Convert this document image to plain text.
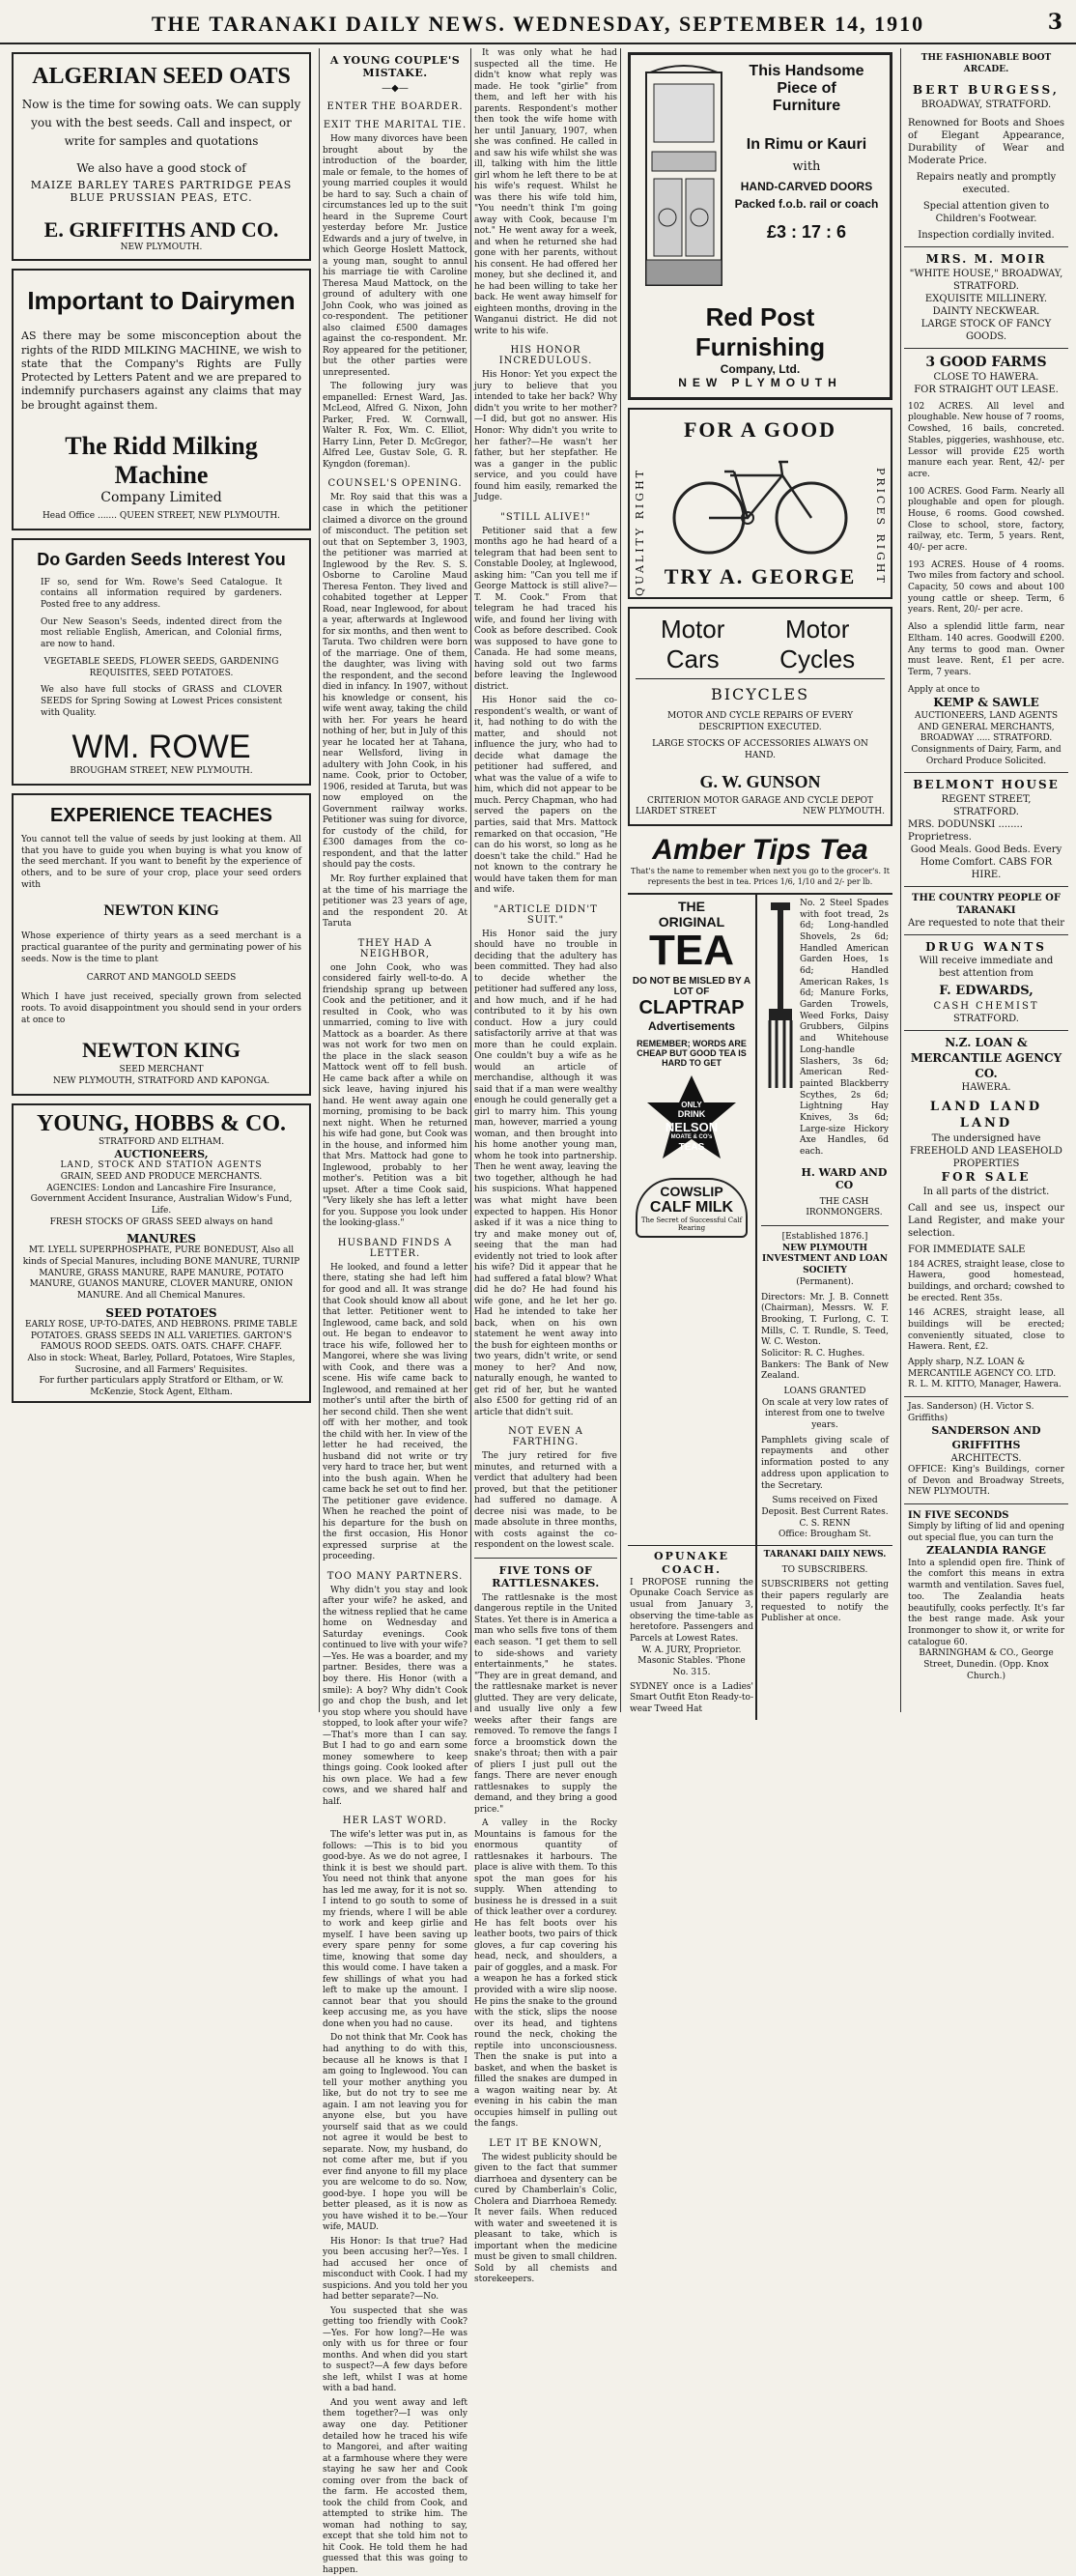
THE TARANAKI DAILY NEWS. WEDNESDAY, SEPTEMBER 14, 1910	3
ALGERIAN SEED OATS
Now is the time for sowing oats. We can supply you with the best seeds. Call and inspect, or write for samples and quotations
We also have a good stock of
MAIZE BARLEY TARES PARTRIDGE PEAS BLUE PRUSSIAN PEAS, ETC.
E. GRIFFITHS AND CO.
NEW PLYMOUTH.
Important to Dairymen
AS there may be some misconception about the rights of the RIDD MILKING MACHINE, we wish to state that the Company's Rights are Fully Protected by Letters Patent and we are prepared to indemnify purchasers against any claims that may be brought against them.
The Ridd Milking Machine
Company Limited
Head Office ....... QUEEN STREET, NEW PLYMOUTH.
Do Garden Seeds Interest You
IF so, send for Wm. Rowe's Seed Catalogue. It contains all information required by gardeners. Posted free to any address.
Our New Season's Seeds, indented direct from the most reliable English, American, and Colonial firms, are now to hand.
VEGETABLE SEEDS, FLOWER SEEDS, GARDENING REQUISITES, SEED POTATOES.
We also have full stocks of GRASS and CLOVER SEEDS for Spring Sowing at Lowest Prices consistent with Quality.
WM. ROWE
BROUGHAM STREET, NEW PLYMOUTH.
EXPERIENCE TEACHES
You cannot tell the value of seeds by just looking at them. All that you have to guide you when buying is what you know of the seed merchant. If you want to benefit by the experience of others, and to be sure of your crop, place your seed orders with
NEWTON KING
Whose experience of thirty years as a seed merchant is a practical guarantee of the purity and germinating power of his seeds. Now is the time to plant
CARROT AND MANGOLD SEEDS
Which I have just received, specially grown from selected roots. To avoid disappointment you should send in your orders at once to
NEWTON KING
SEED MERCHANT
NEW PLYMOUTH, STRATFORD AND KAPONGA.
YOUNG, HOBBS & CO.
STRATFORD AND ELTHAM.
AUCTIONEERS,
LAND, STOCK AND STATION AGENTS
GRAIN, SEED AND PRODUCE MERCHANTS.
AGENCIES: London and Lancashire Fire Insurance, Government Accident Insurance, Australian Widow's Fund, Life.
FRESH STOCKS OF GRASS SEED always on hand
MANURES
MT. LYELL SUPERPHOSPHATE, PURE BONEDUST, Also all kinds of Special Manures, including BONE MANURE, TURNIP MANURE, GRASS MANURE, RAPE MANURE, POTATO MANURE, GUANOS MANURE, CLOVER MANURE, ONION MANURE. And all Chemical Manures.
SEED POTATOES
EARLY ROSE, UP-TO-DATES, AND HEBRONS. PRIME TABLE POTATOES. GRASS SEEDS IN ALL VARIETIES. GARTON'S FAMOUS ROOD SEEDS. OATS. OATS. CHAFF. CHAFF.
Also in stock: Wheat, Barley, Pollard, Potatoes, Wire Staples, Sucrosine, and all Farmers' Requisites.
For further particulars apply Stratford or Eltham, or W. McKenzie, Stock Agent, Eltham.
A YOUNG COUPLE'S MISTAKE.
—◆—
ENTER THE BOARDER.
EXIT THE MARITAL TIE.

How many divorces have been brought about by the introduction of the boarder, male or female, to the homes of young married couples it would be hard to say. Such a chain of circumstances led up to the suit heard in the Supreme Court yesterday before Mr. Justice Edwards and a jury of twelve, in which George Hoslett Mattock, a young man, sought to annul his marriage tie with Caroline Theresa Maud Mattock, on the ground of adultery with one John Cook, who was joined as co-respondent. The petitioner also claimed £500 damages against the co-respondent. Mr. Roy appeared for the petitioner, but the other parties were unrepresented.

The following jury was empanelled: Ernest Ward, Jas. McLeod, Alfred G. Nixon, John Parker, Fred. W. Cornwall, Walter R. Fox, Wm. C. Elliot, Harry Linn, Peter D. McGregor, Alfred Lee, Gustav Sole, G. R. Kyngdon (foreman).

COUNSEL'S OPENING.

Mr. Roy said that this was a case in which the petitioner claimed a divorce on the ground of misconduct. The petition set out that on September 3, 1903, the petitioner was married at Inglewood by the Rev. S. S. Osborne to Caroline Maud Theresa Fenton. They lived and cohabited together at Lepper Road, near Inglewood, for about a year, afterwards at Inglewood for six months, and then went to Taruta. Two children were born of the marriage. One of them, the daughter, was living with the respondent, and the second died in infancy. In 1907, without his knowledge or consent, his wife went away, taking the child with her. For years he heard nothing of her, but in July of this year he located her at Tahana, near Wellsford, living in adultery with John Cook, in his name. Cook, prior to October, 1906, resided at Taruta, but was now employed on the Government railway works. Petitioner was suing for divorce, for custody of the child, for £300 damages from the co-respondent, and that the latter should pay the costs.

Mr. Roy further explained that at the time of his marriage the petitioner was 23 years of age, and the respondent 20. At Taruta

THEY HAD A NEIGHBOR,

one John Cook, who was considered fairly well-to-do. A friendship sprang up between Cook and the petitioner, and it resulted in Cook, who was unmarried, coming to live with Mattock as a boarder. As there was not work for two men on the place in the slack season Mattock went off to fell bush. He came back after a while on sick leave, having injured his hand. He went away again one morning, promising to be back next night. When he returned his wife had gone, but Cook was in the house, and informed him that Mrs. Mattock had gone to Inglewood, probably to her mother's. Petition was a bit upset. After a time Cook said, "Very likely she has left a letter for you. Suppose you look under the looking-glass."

HUSBAND FINDS A LETTER.

He looked, and found a letter there, stating she had left him for good and all. It was strange that Cook should know all about that letter. Petitioner went to Inglewood, came back, and sold out. He began to endeavor to trace his wife, followed her to Mangorei, where she was living with Cook, and there was a scene. His wife came back to Inglewood, and remained at her mother's until after the birth of her second child. Then she went off with her mother, and took the child with her. In view of the letter he had received, the husband did not write or try very hard to trace her, but went into the bush again. When he came back he set out to find her. The petitioner gave evidence. When he reached the point of his departure for the bush on the first occasion, His Honor expressed surprise at the proceeding.

TOO MANY PARTNERS.

Why didn't you stay and look after your wife? he asked, and the witness replied that he came home on Wednesday and Saturday evenings. Cook continued to live with your wife? —Yes. He was a boarder, and my partner. Besides, there was a boy there. His Honor (with a smile): A boy? Why didn't Cook go and chop the bush, and let you stop where you should have stopped, to look after your wife? —That's more than I can say. But I had to go and earn some money somewhere to keep things going. Cook looked after his own place. We had a few cows, and we shared half and half.

HER LAST WORD.

The wife's letter was put in, as follows: —This is to bid you good-bye. As we do not agree, I think it is best we should part. You need not think that anyone has led me away, for it is not so. I intend to go south to some of my friends, where I will be able to work and keep girlie and myself. I have been saving up every spare penny for some time, knowing that some day this would come. I have taken a few shillings of what you had left to make up the amount. I cannot bear that you should keep accusing me, as you have done when you had no cause.

Do not think that Mr. Cook has had anything to do with this, because all he knows is that I am going to Inglewood. You can tell your mother anything you like, but do not try to see me again. I am not leaving you for anyone else, but you have yourself said that as we could not agree it would be best to separate. Now, my husband, do not come after me, but if you ever find anyone to fill my place you are welcome to do so. Now, good-bye. I hope you will be better pleased, as it is now as you have wished it to be.—Your wife, MAUD.

His Honor: Is that true? Had you been accusing her?—Yes. I had accused her once of misconduct with Cook. I had my suspicions. And you told her you had better separate?—No.

You suspected that she was getting too friendly with Cook?—Yes. For how long?—He was only with us for three or four months. And when did you start to suspect?—A few days before she left, whilst I was at home with a bad hand.

And you went away and left them together?—I was only away one day. Petitioner detailed how he traced his wife to Mangorei, and after waiting at a farmhouse where they were staying he saw her and Cook coming over from the back of the farm. He accosted them, took the child from Cook, and attempted to strike him. The woman had nothing to say, except that she told him not to hit Cook. He told them he had guessed that this was going to happen.

It was only what he had suspected all the time. He didn't know what reply was made. He took "girlie" from them, and left her with his parents. Respondent's mother then took the wife home with her until January, 1907, when she was confined. He called in and saw his wife whilst she was ill, talking with him the little girl whom he left there to be at his wife's request. Whilst he was there his wife told him, "You needn't think I'm going away with Cook, because I'm not." He went away for a week, and when he returned she had gone with her parents, without his consent. He had offered her money, but she declined it, and he had been willing to take her back. He went away himself for eighteen months, droving in the Wanganui district. He did not write to his wife.

HIS HONOR INCREDULOUS.

His Honor: Yet you expect the jury to believe that you intended to take her back? Why didn't you write to her mother?—I did, but got no answer. His Honor: Why didn't you write to her father?—He wasn't her father, but her stepfather. He was a ganger in the public service, and you could have found him easily, remarked the Judge.

"STILL ALIVE!"

Petitioner said that a few months ago he had heard of a telegram that had been sent to Constable Dooley, at Inglewood, asking him: "Can you tell me if George Mattock is still alive?—T. M. Cook." From that telegram he had traced his wife, and found her living with Cook as before described. Cook was supposed to have gone to Canada. He had some means, having sold out two farms before leaving the Inglewood district.

His Honor said the co-respondent's wealth, or want of it, had nothing to do with the matter, and should not influence the jury, who had to decide what damage the petitioner had suffered, and what was the value of a wife to him, which did not appear to be much. Percy Chapman, who had served the papers on the parties, said that Mrs. Mattock remarked on that occasion, "He can do his worst, so long as he doesn't take the child." Had he not known to the contrary he would have taken them for man and wife.

"ARTICLE DIDN'T SUIT."

His Honor said the jury should have no trouble in deciding that the adultery has been committed. They had also to decide whether the petitioner had suffered any loss, and how much, and if he had contributed to it by his own conduct. How a jury could satisfactorily arrive at that was more than he could explain. One couldn't buy a wife as he would an article of merchandise, although it was said that if a man were wealthy enough he could generally get a girl to marry him. This young man, however, married a young woman, and then brought into his home another young man, whom he took into partnership. Then he went away, leaving the two together, although he had his suspicions. What happened was what might have been expected to happen. His Honor asked if it was a nice thing to try and make money out of, seeing that the man had evidently not tried to look after his wife? Did it appear that he had suffered a fatal blow? What did he do? He had found his wife gone, and he let her go. Had he intended to take her back, when on his own statement he went away into the bush for eighteen months or two years, didn't write, or send money to her? And now, naturally enough, he wanted to get rid of her, but he wanted also £500 for getting rid of an article that didn't suit.

NOT EVEN A FARTHING.

The jury retired for five minutes, and returned with a verdict that adultery had been proved, but that the petitioner had suffered no damage. A decree nisi was made, to be made absolute in three months, with costs against the co-respondent on the lowest scale.

FIVE TONS OF RATTLESNAKES.

The rattlesnake is the most dangerous reptile in the United States. Yet there is in America a man who sells five tons of them each season. "I get them to sell to side-shows and variety entertainments," he states. "They are in great demand, and the rattlesnake market is never glutted. They are very delicate, and usually live only a few weeks after their fangs are removed. To remove the fangs I force a broomstick down the snake's throat; then with a pair of pliers I just pull out the fangs. There are never enough rattlesnakes to supply the demand, and they bring a good price."

A valley in the Rocky Mountains is famous for the enormous quantity of rattlesnakes it harbours. The place is alive with them. To this spot the man goes for his supply. When attending to business he is dressed in a suit of thick leather over a cordurey. He has felt boots over his leather boots, two pairs of thick gloves, a fur cap covering his head, neck, and shoulders, a pair of goggles, and a mask. For a weapon he has a forked stick provided with a wire slip noose. He pins the snake to the ground with the stick, slips the noose over its head, and tightens round the neck, choking the reptile into unconsciousness. Then the snake is put into a basket, and when the basket is filled the snakes are dumped in a wagon waiting near by. At evening in his cabin the man occupies himself in pulling out the fangs.

LET IT BE KNOWN,

The widest publicity should be given to the fact that summer diarrhoea and dysentery can be cured by Chamberlain's Colic, Cholera and Diarrhoea Remedy. It never fails. When reduced with water and sweetened it is pleasant to take, which is important when the medicine must be given to small children. Sold by all chemists and storekeepers.

This Handsome Piece of
Furniture
In Rimu or Kauri
with
HAND-CARVED DOORS
Packed f.o.b. rail or coach
£3 : 17 : 6
Red Post Furnishing
Company, Ltd.
NEW PLYMOUTH
FOR A GOOD
QUALITY RIGHT	PRICES RIGHT
TRY A. GEORGE
Motor Cars
Motor Cycles
BICYCLES
MOTOR AND CYCLE REPAIRS OF EVERY DESCRIPTION EXECUTED.
LARGE STOCKS OF ACCESSORIES ALWAYS ON HAND.
G. W. GUNSON
CRITERION MOTOR GARAGE AND CYCLE DEPOT
LIARDET STREET	NEW PLYMOUTH.
Amber Tips Tea
That's the name to remember when next you go to the grocer's. It represents the best in tea. Prices 1/6, 1/10 and 2/- per lb.
THE
ORIGINAL
TEA
DO NOT BE MISLED BY A LOT OF
CLAPTRAP
Advertisements
REMEMBER; WORDS ARE CHEAP BUT GOOD TEA IS HARD TO GET
ONLY
DRINK
NELSON
MOATE & CO's
TEAS
COWSLIP
CALF MILK
The Secret of Successful Calf Rearing
No. 2 Steel Spades with foot tread, 2s 6d; Long-handled Shovels, 2s 6d; Handled American Garden Hoes, 1s 6d; Handled American Rakes, 1s 6d; Manure Forks, Garden Trowels, Weed Forks, Daisy Grubbers, Gilpins and Whitehouse Long-handle Slashers, 3s 6d; American Red-painted Blackberry Scythes, 2s 6d; Lightning Hay Knives, 3s 6d; Large-size Hickory Axe Handles, 6d each.
H. WARD AND CO
THE CASH IRONMONGERS.
[Established 1876.]
NEW PLYMOUTH INVESTMENT AND LOAN SOCIETY
(Permanent).
Directors: Mr. J. B. Connett (Chairman), Messrs. W. F. Brooking, T. Furlong, C. T. Mills, C. T. Rundle, S. Teed, W. C. Weston.
Solicitor: R. C. Hughes.
Bankers: The Bank of New Zealand.
LOANS GRANTED
On scale at very low rates of interest from one to twelve years.
Pamphlets giving scale of repayments and other information posted to any address upon application to the Secretary.
Sums received on Fixed Deposit. Best Current Rates.
C. S. RENN
Office: Brougham St.
OPUNAKE COACH.
I PROPOSE running the Opunake Coach Service as usual from January 3, observing the time-table as heretofore. Passengers and Parcels at Lowest Rates.
W. A. JURY, Proprietor. Masonic Stables. 'Phone No. 315.
SYDNEY once is a Ladies' Smart Outfit Eton Ready-to-wear Tweed Hat
TARANAKI DAILY NEWS.
TO SUBSCRIBERS.
SUBSCRIBERS not getting their papers regularly are requested to notify the Publisher at once.
THE FASHIONABLE BOOT ARCADE.
BERT BURGESS,
BROADWAY, STRATFORD.
Renowned for Boots and Shoes of Elegant Appearance, Durability of Wear and Moderate Price.
Repairs neatly and promptly executed.
Special attention given to Children's Footwear.
Inspection cordially invited.
MRS. M. MOIR
"WHITE HOUSE," BROADWAY, STRATFORD.
EXQUISITE MILLINERY. DAINTY NECKWEAR.
LARGE STOCK OF FANCY GOODS.
3 GOOD FARMS
CLOSE TO HAWERA.
FOR STRAIGHT OUT LEASE.
102 ACRES. All level and ploughable. New house of 7 rooms, Cowshed, 16 bails, concreted. Stables, piggeries, washhouse, etc. Lessor will provide £25 worth manure each year. Rent, 42/- per acre.
100 ACRES. Good Farm. Nearly all ploughable and open for plough. House, 6 rooms. Good cowshed. Close to school, store, factory, railway, etc. Term, 5 years. Rent, 40/- per acre.
193 ACRES. House of 4 rooms. Two miles from factory and school. Capacity, 50 cows and about 100 young cattle or sheep. Term, 6 years. Rent, 20/- per acre.
Also a splendid little farm, near Eltham. 140 acres. Goodwill £200. Any terms to good man. Owner must leave. Rent, £1 per acre. Term, 7 years.
Apply at once to
KEMP & SAWLE
AUCTIONEERS, LAND AGENTS AND GENERAL MERCHANTS,
BROADWAY ..... STRATFORD.
Consignments of Dairy, Farm, and Orchard Produce Solicited.
BELMONT HOUSE
REGENT STREET, STRATFORD.
MRS. DODUNSKI ........ Proprietress.
Good Meals. Good Beds. Every Home Comfort. CABS FOR HIRE.
THE COUNTRY PEOPLE OF TARANAKI
Are requested to note that their
DRUG WANTS
Will receive immediate and best attention from
F. EDWARDS,
CASH CHEMIST
STRATFORD.
N.Z. LOAN & MERCANTILE AGENCY CO.
HAWERA.
LAND LAND LAND
The undersigned have FREEHOLD AND LEASEHOLD PROPERTIES
FOR SALE
In all parts of the district.
Call and see us, inspect our Land Register, and make your selection.
FOR IMMEDIATE SALE
184 ACRES, straight lease, close to Hawera, good homestead, buildings, and orchard; cowshed to be erected. Rent 35s.
146 ACRES, straight lease, all buildings will be erected; conveniently situated, close to Hawera. Rent, £2.
Apply sharp, N.Z. LOAN & MERCANTILE AGENCY CO. LTD. R. L. M. KITTO, Manager, Hawera.
Jas. Sanderson) (H. Victor S. Griffiths)
SANDERSON AND GRIFFITHS
ARCHITECTS.
OFFICE: King's Buildings, corner of Devon and Broadway Streets, NEW PLYMOUTH.
IN FIVE SECONDS
Simply by lifting of lid and opening out special flue, you can turn the
ZEALANDIA RANGE
Into a splendid open fire. Think of the comfort this means in extra warmth and ventilation. Saves fuel, too. The Zealandia heats beautifully, cooks perfectly. It's far the best range made. Ask your Ironmonger to show it, or write for catalogue 60.
BARNINGHAM & CO., George Street, Dunedin. (Opp. Knox Church.)
